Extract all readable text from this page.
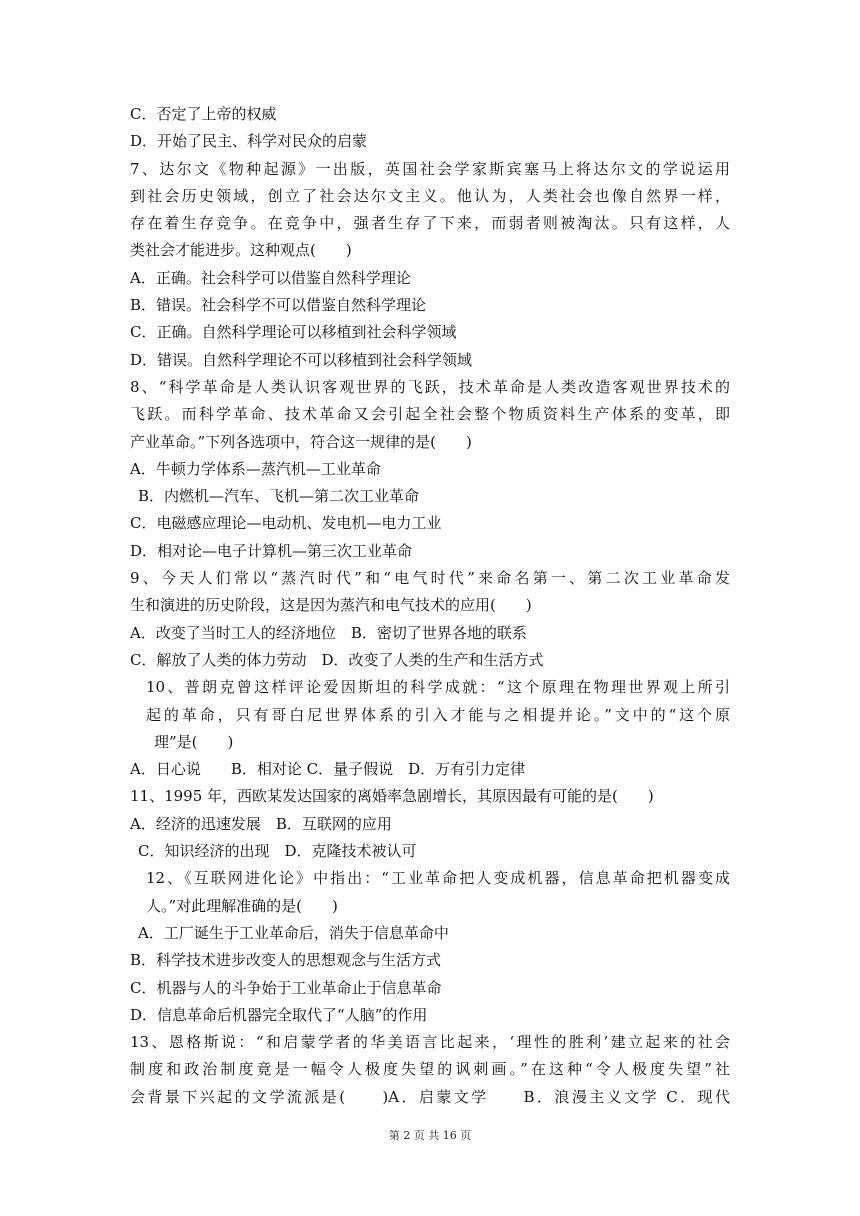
C．否定了上帝的权威
D．开始了民主、科学对民众的启蒙
7、达尔文《物种起源》一出版，英国社会学家斯宾塞马上将达尔文的学说运用
到社会历史领域，创立了社会达尔文主义。他认为，人类社会也像自然界一样，
存在着生存竞争。在竞争中，强者生存了下来，而弱者则被淘汰。只有这样，人
类社会才能进步。这种观点(　　)
A．正确。社会科学可以借鉴自然科学理论
B．错误。社会科学不可以借鉴自然科学理论
C．正确。自然科学理论可以移植到社会科学领域
D．错误。自然科学理论不可以移植到社会科学领域
8、“科学革命是人类认识客观世界的飞跃，技术革命是人类改造客观世界技术的
飞跃。而科学革命、技术革命又会引起全社会整个物质资料生产体系的变革，即
产业革命。”下列各选项中，符合这一规律的是(　　)
A．牛顿力学体系—蒸汽机—工业革命
B．内燃机—汽车、飞机—第二次工业革命
C．电磁感应理论—电动机、发电机—电力工业
D．相对论—电子计算机—第三次工业革命
9、今天人们常以“蒸汽时代”和“电气时代”来命名第一、第二次工业革命发
生和演进的历史阶段，这是因为蒸汽和电气技术的应用(　　)
A．改变了当时工人的经济地位　B．密切了世界各地的联系
C．解放了人类的体力劳动　D．改变了人类的生产和生活方式
10、普朗克曾这样评论爱因斯坦的科学成就：“这个原理在物理世界观上所引
起的革命，只有哥白尼世界体系的引入才能与之相提并论。”文中的“这个原
理”是(　　)
A．日心说　　B．相对论 C．量子假说　D．万有引力定律
11、1995 年，西欧某发达国家的离婚率急剧增长，其原因最有可能的是(　　)
A．经济的迅速发展　B．互联网的应用
C．知识经济的出现　D．克隆技术被认可
12、《互联网进化论》中指出：“工业革命把人变成机器，信息革命把机器变成
人。”对此理解准确的是(　　)
A．工厂诞生于工业革命后，消失于信息革命中
B．科学技术进步改变人的思想观念与生活方式
C．机器与人的斗争始于工业革命止于信息革命
D．信息革命后机器完全取代了“人脑”的作用
13、恩格斯说：“和启蒙学者的华美语言比起来，‘理性的胜利’建立起来的社会
制度和政治制度竟是一幅令人极度失望的讽刺画。”在这种“令人极度失望”社
会背景下兴起的文学流派是(　　)A．启蒙文学　　B．浪漫主义文学 C．现代
第 2 页 共 16 页
